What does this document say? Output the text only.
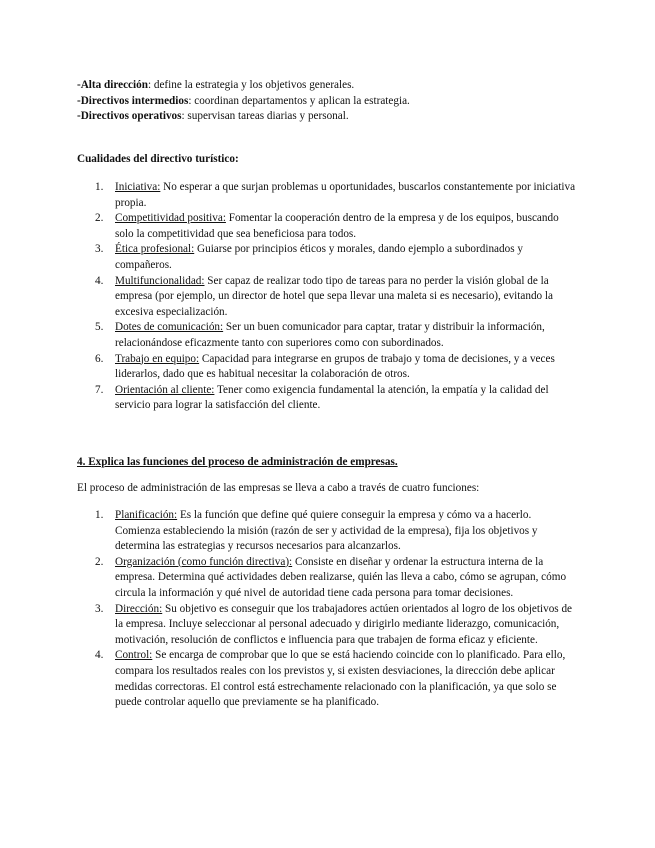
-Alta dirección: define la estrategia y los objetivos generales.

-Directivos intermedios: coordinan departamentos y aplican la estrategia.

-Directivos operativos: supervisan tareas diarias y personal.

Cualidades del directivo turístico:
1. Iniciativa: No esperar a que surjan problemas u oportunidades, buscarlos constantemente por iniciativa propia.
2. Competitividad positiva: Fomentar la cooperación dentro de la empresa y de los equipos, buscando solo la competitividad que sea beneficiosa para todos.
3. Ética profesional: Guiarse por principios éticos y morales, dando ejemplo a subordinados y compañeros.
4. Multifuncionalidad: Ser capaz de realizar todo tipo de tareas para no perder la visión global de la empresa (por ejemplo, un director de hotel que sepa llevar una maleta si es necesario), evitando la excesiva especialización.
5. Dotes de comunicación: Ser un buen comunicador para captar, tratar y distribuir la información, relacionándose eficazmente tanto con superiores como con subordinados.
6. Trabajo en equipo: Capacidad para integrarse en grupos de trabajo y toma de decisiones, y a veces liderarlos, dado que es habitual necesitar la colaboración de otros.
7. Orientación al cliente: Tener como exigencia fundamental la atención, la empatía y la calidad del servicio para lograr la satisfacción del cliente.
4. Explica las funciones del proceso de administración de empresas.
El proceso de administración de las empresas se lleva a cabo a través de cuatro funciones:
1. Planificación: Es la función que define qué quiere conseguir la empresa y cómo va a hacerlo. Comienza estableciendo la misión (razón de ser y actividad de la empresa), fija los objetivos y determina las estrategias y recursos necesarios para alcanzarlos.
2. Organización (como función directiva): Consiste en diseñar y ordenar la estructura interna de la empresa. Determina qué actividades deben realizarse, quién las lleva a cabo, cómo se agrupan, cómo circula la información y qué nivel de autoridad tiene cada persona para tomar decisiones.
3. Dirección: Su objetivo es conseguir que los trabajadores actúen orientados al logro de los objetivos de la empresa. Incluye seleccionar al personal adecuado y dirigirlo mediante liderazgo, comunicación, motivación, resolución de conflictos e influencia para que trabajen de forma eficaz y eficiente.
4. Control: Se encarga de comprobar que lo que se está haciendo coincide con lo planificado. Para ello, compara los resultados reales con los previstos y, si existen desviaciones, la dirección debe aplicar medidas correctoras. El control está estrechamente relacionado con la planificación, ya que solo se puede controlar aquello que previamente se ha planificado.
